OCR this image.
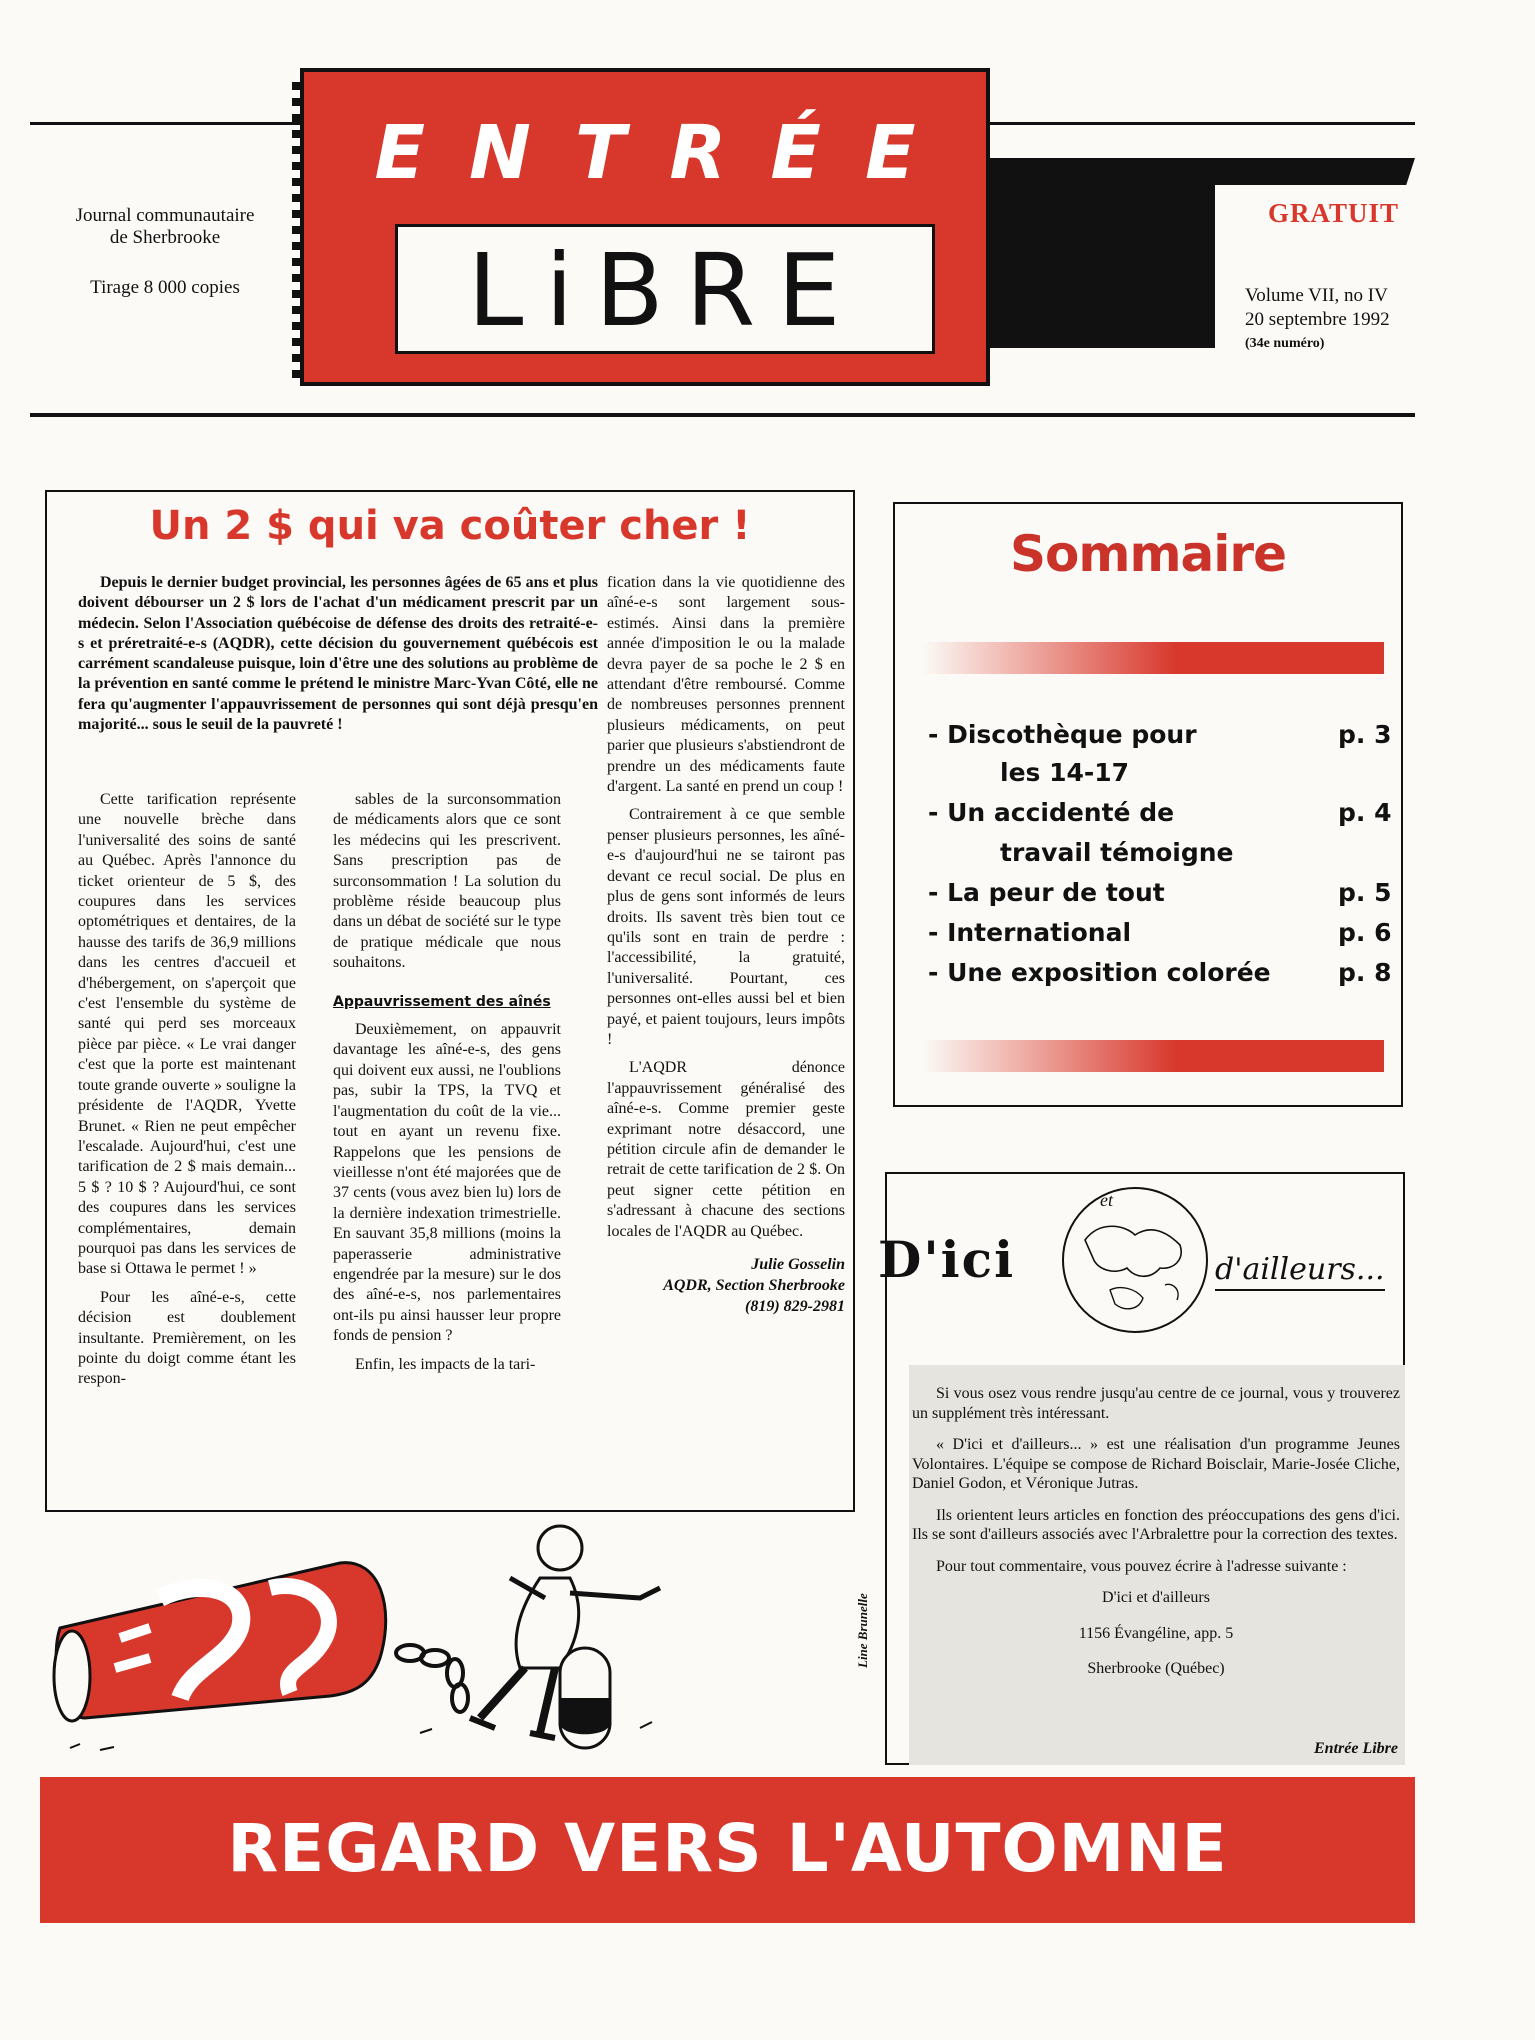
Journal communautaire
de Sherbrooke
Tirage 8 000 copies
ENTRÉE
LiBRE
GRATUIT
Volume VII, no IV
20 septembre 1992
(34e numéro)
Un 2 $ qui va coûter cher !
Depuis le dernier budget provincial, les personnes âgées de 65 ans et plus doivent débourser un 2 $ lors de l'achat d'un médicament prescrit par un médecin. Selon l'Association québécoise de défense des droits des retraité-e-s et préretraité-e-s (AQDR), cette décision du gouvernement québécois est carrément scandaleuse puisque, loin d'être une des solutions au problème de la prévention en santé comme le prétend le ministre Marc-Yvan Côté, elle ne fera qu'augmenter l'appauvrissement de personnes qui sont déjà presqu'en majorité... sous le seuil de la pauvreté !

Cette tarification représente une nouvelle brèche dans l'universalité des soins de santé au Québec. Après l'annonce du ticket orienteur de 5 $, des coupures dans les services optométriques et dentaires, de la hausse des tarifs de 36,9 millions dans les centres d'accueil et d'hébergement, on s'aperçoit que c'est l'ensemble du système de santé qui perd ses morceaux pièce par pièce. « Le vrai danger c'est que la porte est maintenant toute grande ouverte » souligne la présidente de l'AQDR, Yvette Brunet. « Rien ne peut empêcher l'escalade. Aujourd'hui, c'est une tarification de 2 $ mais demain... 5 $ ? 10 $ ? Aujourd'hui, ce sont des coupures dans les services complémentaires, demain pourquoi pas dans les services de base si Ottawa le permet ! »

Pour les aîné-e-s, cette décision est doublement insultante. Premièrement, on les pointe du doigt comme étant les respon-

sables de la surconsommation de médicaments alors que ce sont les médecins qui les prescrivent. Sans prescription pas de surconsommation ! La solution du problème réside beaucoup plus dans un débat de société sur le type de pratique médicale que nous souhaitons.

Appauvrissement des aînés

Deuxièmement, on appauvrit davantage les aîné-e-s, des gens qui doivent eux aussi, ne l'oublions pas, subir la TPS, la TVQ et l'augmentation du coût de la vie... tout en ayant un revenu fixe. Rappelons que les pensions de vieillesse n'ont été majorées que de 37 cents (vous avez bien lu) lors de la dernière indexation trimestrielle. En sauvant 35,8 millions (moins la paperasserie administrative engendrée par la mesure) sur le dos des aîné-e-s, nos parlementaires ont-ils pu ainsi hausser leur propre fonds de pension ?

Enfin, les impacts de la tari-

fication dans la vie quotidienne des aîné-e-s sont largement sous-estimés. Ainsi dans la première année d'imposition le ou la malade devra payer de sa poche le 2 $ en attendant d'être remboursé. Comme de nombreuses personnes prennent plusieurs médicaments, on peut parier que plusieurs s'abstiendront de prendre un des médicaments faute d'argent. La santé en prend un coup !

Contrairement à ce que semble penser plusieurs personnes, les aîné-e-s d'aujourd'hui ne se tairont pas devant ce recul social. De plus en plus de gens sont informés de leurs droits. Ils savent très bien tout ce qu'ils sont en train de perdre : l'accessibilité, la gratuité, l'universalité. Pourtant, ces personnes ont-elles aussi bel et bien payé, et paient toujours, leurs impôts !

L'AQDR dénonce l'appauvrissement généralisé des aîné-e-s. Comme premier geste exprimant notre désaccord, une pétition circule afin de demander le retrait de cette tarification de 2 $. On peut signer cette pétition en s'adressant à chacune des sections locales de l'AQDR au Québec.

Julie Gosselin
AQDR, Section Sherbrooke
(819) 829-2981
Sommaire
- Discothèque pour	p. 3
les 14-17
- Un accidenté de	p. 4
travail témoigne
- La peur de tout	p. 5
- International	p. 6
- Une exposition colorée	p. 8
et
D'ici	d'ailleurs...

Si vous osez vous rendre jusqu'au centre de ce journal, vous y trouverez un supplément très intéressant.

« D'ici et d'ailleurs... » est une réalisation d'un programme Jeunes Volontaires. L'équipe se compose de Richard Boisclair, Marie-Josée Cliche, Daniel Godon, et Véronique Jutras.

Ils orientent leurs articles en fonction des préoccupations des gens d'ici. Ils se sont d'ailleurs associés avec l'Arbralettre pour la correction des textes.

Pour tout commentaire, vous pouvez écrire à l'adresse suivante :

D'ici et d'ailleurs

1156 Évangéline, app. 5

Sherbrooke (Québec)

Entrée Libre
Line Brunelle
REGARD VERS L'AUTOMNE
